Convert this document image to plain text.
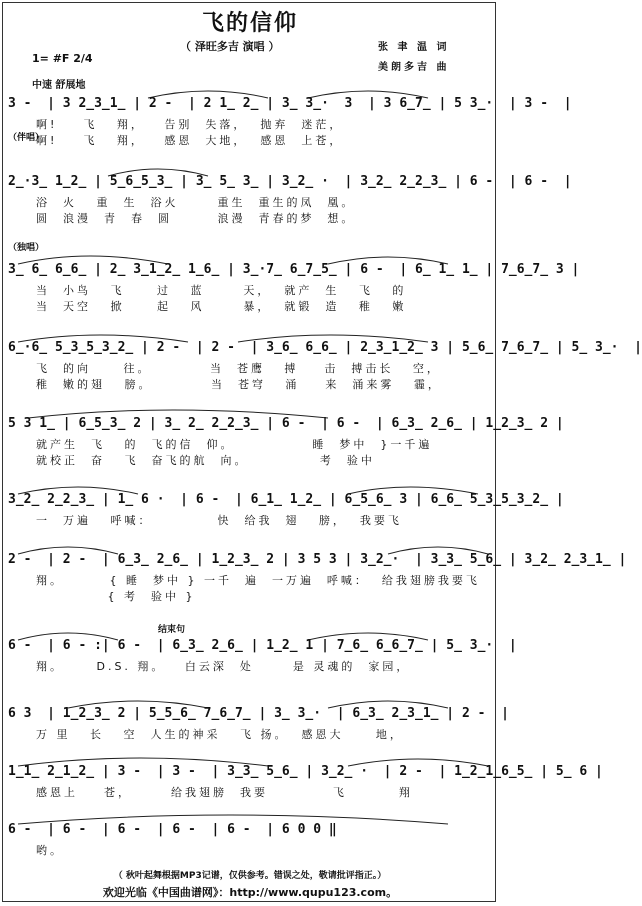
飞的信仰
（ 泽旺多吉 演唱 ）	张 聿 温 词
美朗多吉 曲
1= #F 2/4
中速 舒展地
3 -  | 3 2̲3̲1̲ | 2 -  | 2 1̲ 2̲ | 3̲ 3̲·  3  | 3 6̲7̲ | 5 3̲·  | 3 -  |
（伴唱）
啊!    飞   翔，   告别  失落，  抛弃  迷茫，
啊!    飞   翔，   感恩  大地，  感恩  上苍，
2̲·3̲ 1̲2̲ | 5̲6̲5̲3̲ | 3̲ 5̲ 3̲ | 3̲2̲ ·  | 3̲2̲ 2̲2̲3̲ | 6 -  | 6 -  |
浴  火   重  生  浴火      重生  重生的凤  凰。
圆  浪漫  青  春  圆       浪漫  青春的梦  想。
3̲ 6̲ 6̲6̲ | 2̲ 3̲1̲2̲ 1̲6̲ | 3̲·7̲ 6̲7̲5̲ | 6 -  | 6̲ 1̲ 1̲ | 7̲6̲7̲ 3 |
（独唱）
当  小鸟   飞     过   蓝      天，  就产  生   飞   的
当  天空   掀     起   风      暴，  就锻  造   稚   嫩
6̲·6̲ 5̲3̲5̲3̲2̲ | 2 -  | 2 -  | 3̲6̲ 6̲6̲ | 2̲3̲1̲2̲ 3 | 5̲6̲ 7̲6̲7̲ | 5̲ 3̲·  |
飞  的向     往。         当  苍鹰   搏    击  搏击长   空，
稚  嫩的翅   膀。         当  苍穹   涌    来  涌来雾   霾，
5 3 1̲ | 6̲5̲3̲ 2 | 3̲ 2̲ 2̲2̲3̲ | 6 -  | 6 -  | 6̲3̲ 2̲6̲ | 1̲2̲3̲ 2 |
就产生  飞   的  飞的信  仰。            睡  梦中  }一千遍
就校正  奋   飞  奋飞的航  向。           考  验中
3̲2̲ 2̲2̲3̲ | 1̲ 6 ·  | 6 -  | 6̲1̲ 1̲2̲ | 6̲5̲6̲ 3 | 6̲6̲ 5̲3̲5̲3̲2̲ |
一  万遍   呼喊：          快  给我  翅   膀，  我要飞
2 -  | 2 -  | 6̲3̲ 2̲6̲ | 1̲2̲3̲ 2 | 3 5 3 | 3̲2̲·  | 3̲3̲ 5̲6̲ | 3̲2̲ 2̲3̲1̲ |
翔。       { 睡  梦中 } 一千  遍  一万遍  呼喊：  给我翅膀我要飞
{ 考  验中 }
6 -  | 6 - :| 6 -  | 6̲3̲ 2̲6̲ | 1̲2̲ 1 | 7̲6̲ 6̲6̲7̲ | 5̲ 3̲·  |
结束句
翔。     D.S. 翔。   白云深  处      是 灵魂的  家园，
6 3  | 1̲2̲3̲ 2 | 5̲5̲6̲ 7̲6̲7̲ | 3̲ 3̲·  | 6̲3̲ 2̲3̲1̲ | 2 -  |
万 里   长   空  人生的神采   飞 扬。  感恩大     地，
1̲1̲ 2̲1̲2̲ | 3 -  | 3 -  | 3̲3̲ 5̲6̲ | 3̲2̲ ·  | 2 -  | 1̲2̲1̲6̲5̲ | 5̲ 6 |
感恩上    苍，      给我翅膀  我要          飞        翔
6 -  | 6 -  | 6 -  | 6 -  | 6 -  | 6 0 0 ‖
哟。
（ 秋叶起舞根据MP3记谱，仅供参考。错误之处，敬请批评指正。）
欢迎光临《中国曲谱网》：http://www.qupu123.com。
